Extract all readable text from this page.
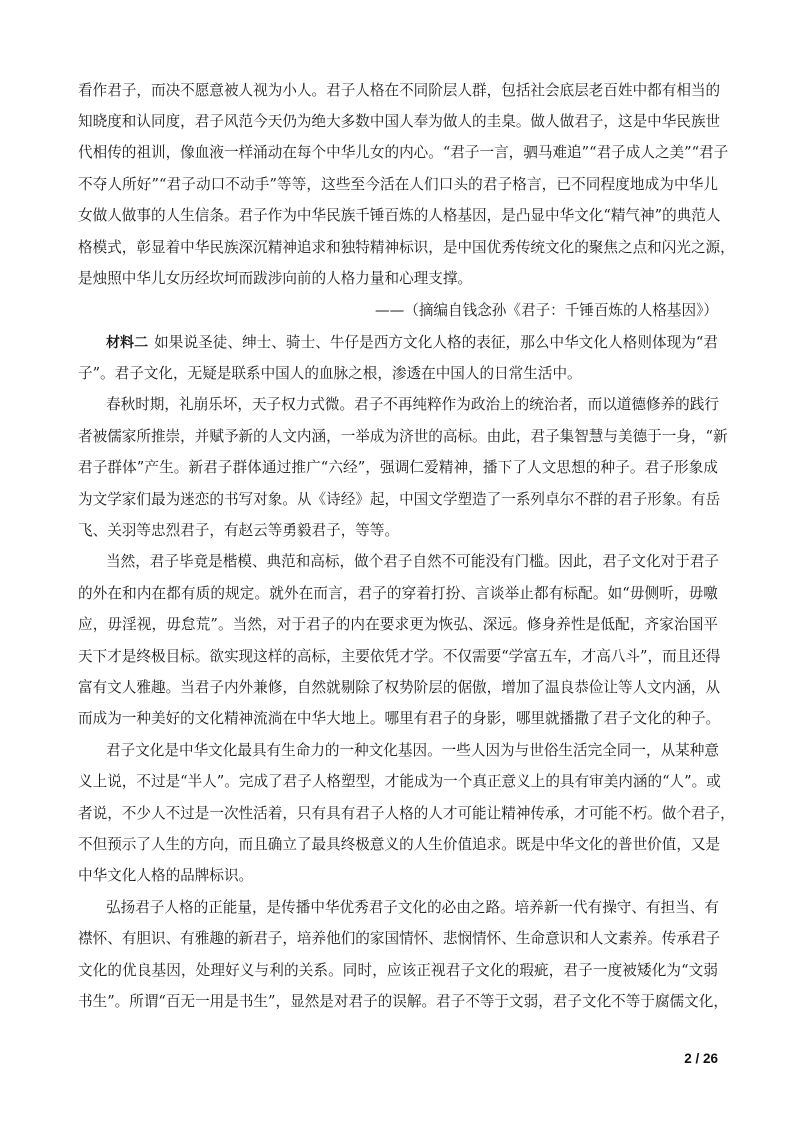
看作君子，而决不愿意被人视为小人。君子人格在不同阶层人群，包括社会底层老百姓中都有相当的
知晓度和认同度，君子风范今天仍为绝大多数中国人奉为做人的圭臬。做人做君子，这是中华民族世
代相传的祖训，像血液一样涌动在每个中华儿女的内心。“君子一言，驷马难追”“君子成人之美”“君子
不夺人所好”“君子动口不动手”等等，这些至今活在人们口头的君子格言，已不同程度地成为中华儿
女做人做事的人生信条。君子作为中华民族千锤百炼的人格基因，是凸显中华文化“精气神”的典范人
格模式，彰显着中华民族深沉精神追求和独特精神标识，是中国优秀传统文化的聚焦之点和闪光之源，
是烛照中华儿女历经坎坷而跋涉向前的人格力量和心理支撑。
——（摘编自钱念孙《君子：千锤百炼的人格基因》）
材料二 如果说圣徒、绅士、骑士、牛仔是西方文化人格的表征，那么中华文化人格则体现为“君
子”。君子文化，无疑是联系中国人的血脉之根，渗透在中国人的日常生活中。
春秋时期，礼崩乐坏，天子权力式微。君子不再纯粹作为政治上的统治者，而以道德修养的践行
者被儒家所推崇，并赋予新的人文内涵，一举成为济世的高标。由此，君子集智慧与美德于一身，“新
君子群体”产生。新君子群体通过推广“六经”，强调仁爱精神，播下了人文思想的种子。君子形象成
为文学家们最为迷恋的书写对象。从《诗经》起，中国文学塑造了一系列卓尔不群的君子形象。有岳
飞、关羽等忠烈君子，有赵云等勇毅君子，等等。
当然，君子毕竟是楷模、典范和高标，做个君子自然不可能没有门槛。因此，君子文化对于君子
的外在和内在都有质的规定。就外在而言，君子的穿着打扮、言谈举止都有标配。如“毋侧听，毋噭
应，毋淫视，毋怠荒”。当然，对于君子的内在要求更为恢弘、深远。修身养性是低配，齐家治国平
天下才是终极目标。欲实现这样的高标，主要依凭才学。不仅需要“学富五车，才高八斗”，而且还得
富有文人雅趣。当君子内外兼修，自然就剔除了权势阶层的倨傲，增加了温良恭俭让等人文内涵，从
而成为一种美好的文化精神流淌在中华大地上。哪里有君子的身影，哪里就播撒了君子文化的种子。
君子文化是中华文化最具有生命力的一种文化基因。一些人因为与世俗生活完全同一，从某种意
义上说，不过是“半人”。完成了君子人格塑型，才能成为一个真正意义上的具有审美内涵的“人”。或
者说，不少人不过是一次性活着，只有具有君子人格的人才可能让精神传承，才可能不朽。做个君子，
不但预示了人生的方向，而且确立了最具终极意义的人生价值追求。既是中华文化的普世价值，又是
中华文化人格的品牌标识。
弘扬君子人格的正能量，是传播中华优秀君子文化的必由之路。培养新一代有操守、有担当、有
襟怀、有胆识、有雅趣的新君子，培养他们的家国情怀、悲悯情怀、生命意识和人文素养。传承君子
文化的优良基因，处理好义与利的关系。同时，应该正视君子文化的瑕疵，君子一度被矮化为“文弱
书生”。所谓“百无一用是书生”，显然是对君子的误解。君子不等于文弱，君子文化不等于腐儒文化，
2 / 26
